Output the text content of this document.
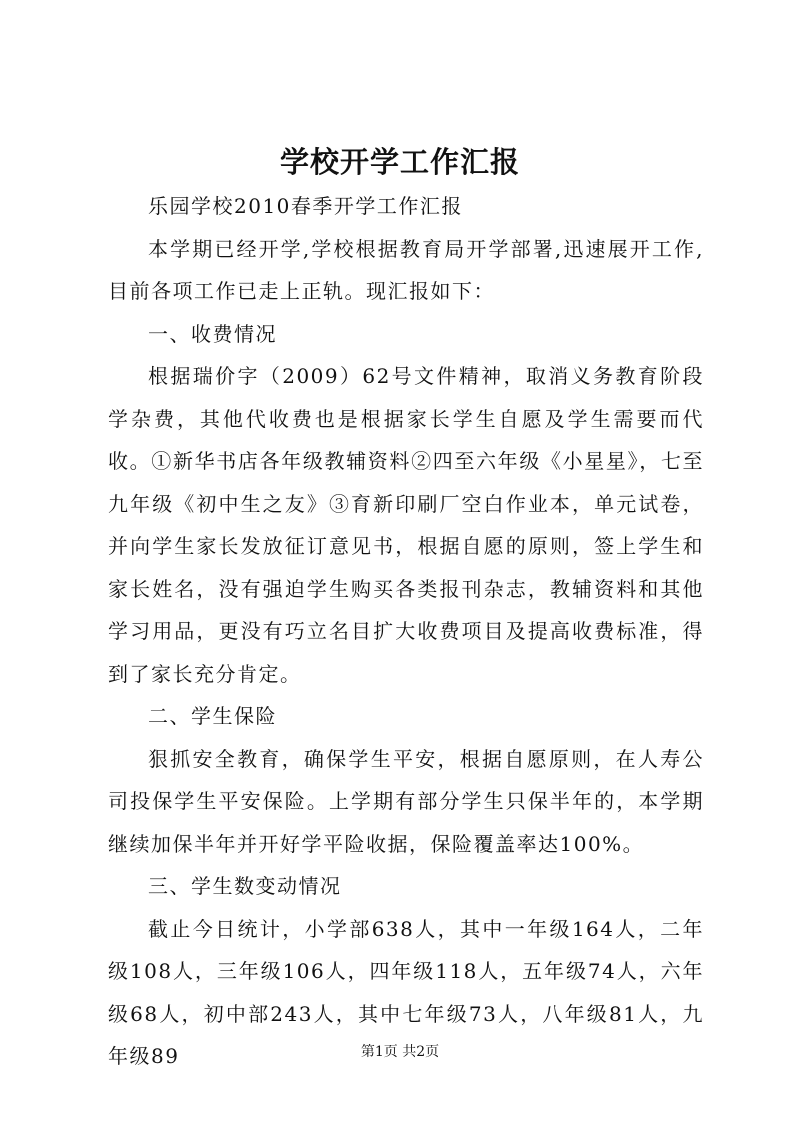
学校开学工作汇报

乐园学校2010春季开学工作汇报

本学期已经开学,学校根据教育局开学部署,迅速展开工作,目前各项工作已走上正轨。现汇报如下：

一、收费情况

根据瑞价字（2009）62号文件精神，取消义务教育阶段学杂费，其他代收费也是根据家长学生自愿及学生需要而代收。①新华书店各年级教辅资料②四至六年级《小星星》，七至九年级《初中生之友》③育新印刷厂空白作业本，单元试卷，并向学生家长发放征订意见书，根据自愿的原则，签上学生和家长姓名，没有强迫学生购买各类报刊杂志，教辅资料和其他学习用品，更没有巧立名目扩大收费项目及提高收费标准，得到了家长充分肯定。

二、学生保险

狠抓安全教育，确保学生平安，根据自愿原则，在人寿公司投保学生平安保险。上学期有部分学生只保半年的，本学期继续加保半年并开好学平险收据，保险覆盖率达100%。

三、学生数变动情况

截止今日统计，小学部638人，其中一年级164人，二年级108人，三年级106人，四年级118人，五年级74人，六年级68人，初中部243人，其中七年级73人，八年级81人，九年级89	第1页 共2页
